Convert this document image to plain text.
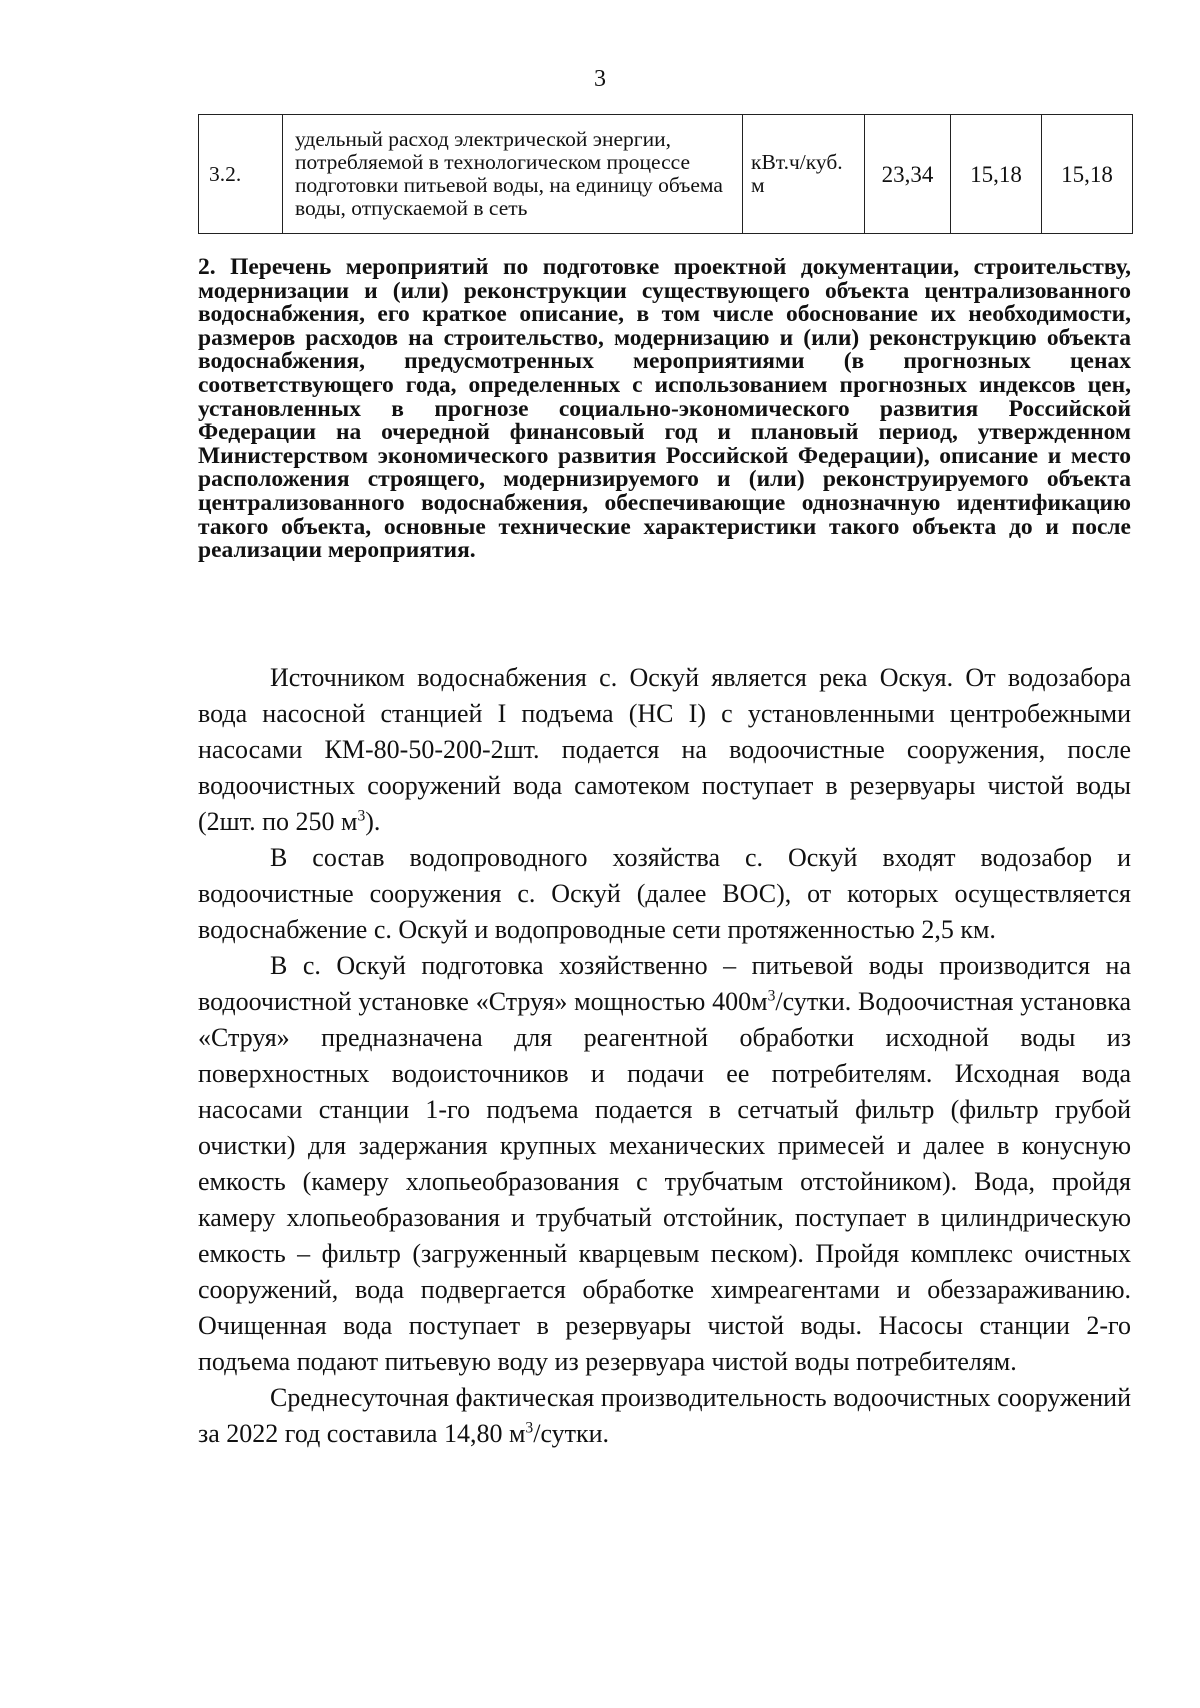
3
3.2.	удельный расход электрической энергии, потребляемой в технологическом процессе подготовки питьевой воды, на единицу объема воды, отпускаемой в сеть	кВт.ч/куб. м	23,34	15,18	15,18

2. Перечень мероприятий по подготовке проектной документации, строительству, модернизации и (или) реконструкции существующего объекта централизованного водоснабжения, его краткое описание, в том числе обоснование их необходимости, размеров расходов на строительство, модернизацию и (или) реконструкцию объекта водоснабжения, предусмотренных мероприятиями (в прогнозных ценах соответствующего года, определенных с использованием прогнозных индексов цен, установленных в прогнозе социально-экономического развития Российской Федерации на очередной финансовый год и плановый период, утвержденном Министерством экономического развития Российской Федерации), описание и место расположения строящего, модернизируемого и (или) реконструируемого объекта централизованного водоснабжения, обеспечивающие однозначную идентификацию такого объекта, основные технические характеристики такого объекта до и после реализации мероприятия.

Источником водоснабжения с. Оскуй является река Оскуя. От водозабора вода насосной станцией I подъема (НС I) с установленными центробежными насосами КМ-80-50-200-2шт. подается на водоочистные сооружения, после водоочистных сооружений вода самотеком поступает в резервуары чистой воды (2шт. по 250 $м^3$).

В состав водопроводного хозяйства с. Оскуй входят водозабор и водоочистные сооружения с. Оскуй (далее ВОС), от которых осуществляется водоснабжение с. Оскуй и водопроводные сети протяженностью 2,5 км.

В с. Оскуй подготовка хозяйственно – питьевой воды производится на водоочистной установке «Струя» мощностью $400м^3$/сутки. Водоочистная установка «Струя» предназначена для реагентной обработки исходной воды из поверхностных водоисточников и подачи ее потребителям. Исходная вода насосами станции 1-го подъема подается в сетчатый фильтр (фильтр грубой очистки) для задержания крупных механических примесей и далее в конусную емкость (камеру хлопьеобразования с трубчатым отстойником). Вода, пройдя камеру хлопьеобразования и трубчатый отстойник, поступает в цилиндрическую емкость – фильтр (загруженный кварцевым песком). Пройдя комплекс очистных сооружений, вода подвергается обработке химреагентами и обеззараживанию. Очищенная вода поступает в резервуары чистой воды. Насосы станции 2-го подъема подают питьевую воду из резервуара чистой воды потребителям.

Среднесуточная фактическая производительность водоочистных сооружений за 2022 год составила 14,80 $м^3$/сутки.
